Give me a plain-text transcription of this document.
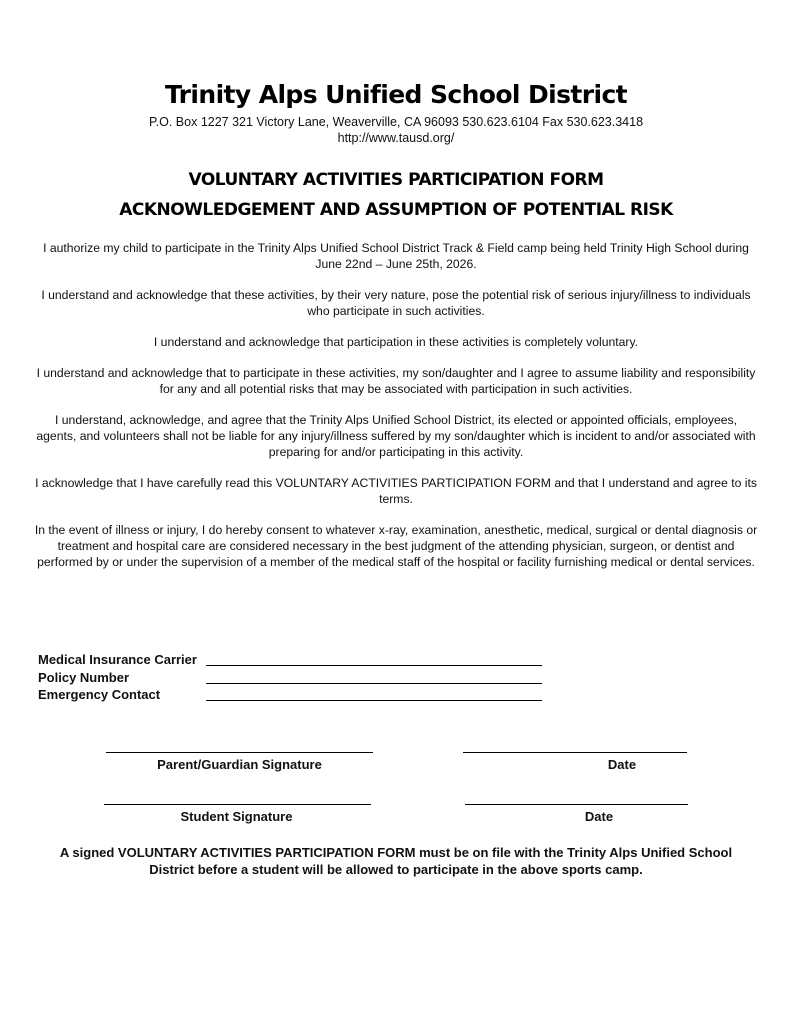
Trinity Alps Unified School District
P.O. Box 1227 321 Victory Lane, Weaverville, CA 96093 530.623.6104 Fax 530.623.3418
http://www.tausd.org/
VOLUNTARY ACTIVITIES PARTICIPATION FORM
ACKNOWLEDGEMENT AND ASSUMPTION OF POTENTIAL RISK

I authorize my child to participate in the Trinity Alps Unified School District Track & Field camp being held Trinity High School during June 22nd – June 25th, 2026.

I understand and acknowledge that these activities, by their very nature, pose the potential risk of serious injury/illness to individuals who participate in such activities.

I understand and acknowledge that participation in these activities is completely voluntary.

I understand and acknowledge that to participate in these activities, my son/daughter and I agree to assume liability and responsibility for any and all potential risks that may be associated with participation in such activities.

I understand, acknowledge, and agree that the Trinity Alps Unified School District, its elected or appointed officials, employees, agents, and volunteers shall not be liable for any injury/illness suffered by my son/daughter which is incident to and/or associated with preparing for and/or participating in this activity.

I acknowledge that I have carefully read this VOLUNTARY ACTIVITIES PARTICIPATION FORM and that I understand and agree to its terms.

In the event of illness or injury, I do hereby consent to whatever x-ray, examination, anesthetic, medical, surgical or dental diagnosis or treatment and hospital care are considered necessary in the best judgment of the attending physician, surgeon, or dentist and performed by or under the supervision of a member of the medical staff of the hospital or facility furnishing medical or dental services.

Medical Insurance Carrier
Policy Number
Emergency Contact
Parent/Guardian Signature	Date
Student Signature	Date
A signed VOLUNTARY ACTIVITIES PARTICIPATION FORM must be on file with the Trinity Alps Unified School District before a student will be allowed to participate in the above sports camp.
